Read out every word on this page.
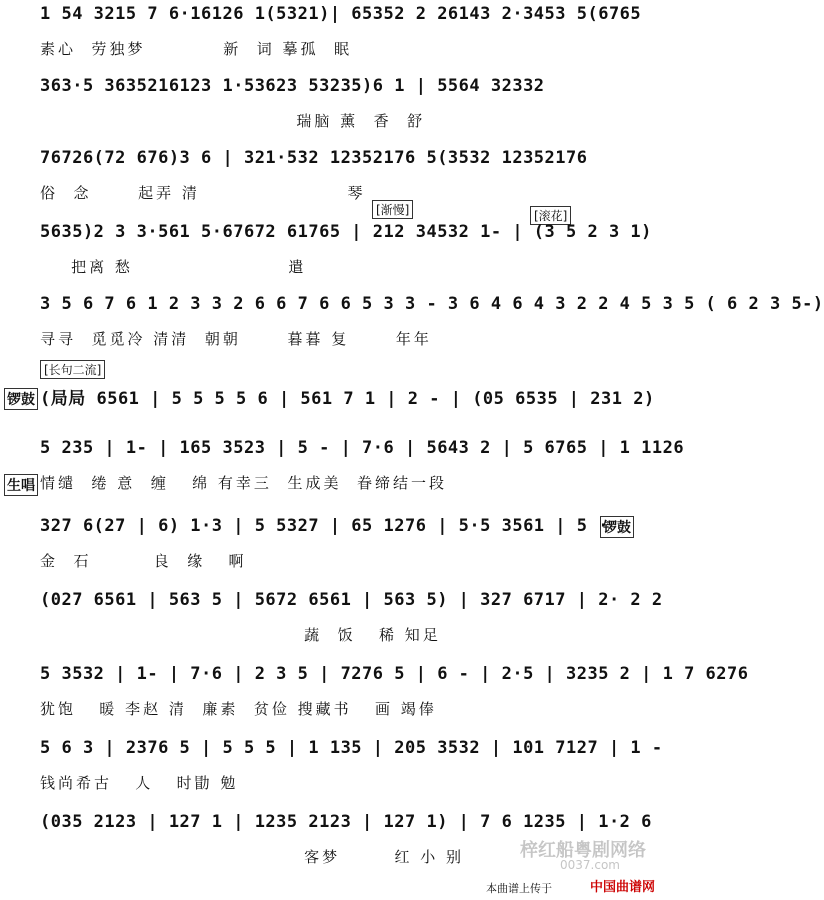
1 54 3215 7 6·16126 1(5321)| 65352 2 26143 2·3453 5(6765
素心  劳独梦          新  词 摹孤  眠
363·5 3635216123 1·53623 53235)6 1 | 5564 32332
瑞脑 薰  香  舒
76726(72 676)3 6 | 321·532 12352176 5(3532 12352176
俗  念      起弄 清                   琴
[渐慢]	[滚花]
5635)2 3 3·561 5·67672 61765 | 212 34532 1- | (3 5 2 3 1)
把离 愁                    遣
3 5 6 7 6 1 2 3 3 2 6 6 7 6 6 5 3 3 - 3 6 4 6 4 3 2 2 4 5 3 5 ( 6 2 3 5-)
寻寻  觅觅冷 清清  朝朝      暮暮 复      年年
[长句二流]
(局局 6561 | 5 5 5 5 6 | 561 7 1 | 2 - | (05 6535 | 231 2)
锣鼓
5 235 | 1- | 165 3523 | 5 - | 7·6 | 5643 2 | 5 6765 | 1 1126
情缱  绻 意  缠   绵 有幸三  生成美  眷缔结一段
生唱
327 6(27 | 6) 1·3 | 5 5327 | 65 1276 | 5·5 3561 | 5 ·
金  石        良  缘   啊
锣鼓
(027 6561 | 563 5 | 5672 6561 | 563 5) | 327 6717 | 2· 2 2
蔬  饭   稀 知足
5 3532 | 1- | 7·6 | 2 3 5 | 7276 5 | 6 - | 2·5 | 3235 2 | 1 7 6276
犹饱   暖 李赵 清  廉素  贫俭 搜藏书   画 竭俸
5 6 3 | 2376 5 | 5 5 5 | 1 135 | 205 3532 | 101 7127 | 1 -
钱尚希古   人   时勖 勉
(035 2123 | 127 1 | 1235 2123 | 127 1) | 7 6 1235 | 1·2 6
客梦       红 小 别	梓红船粤剧网络
0037.com
本曲谱上传于	中国曲谱网
